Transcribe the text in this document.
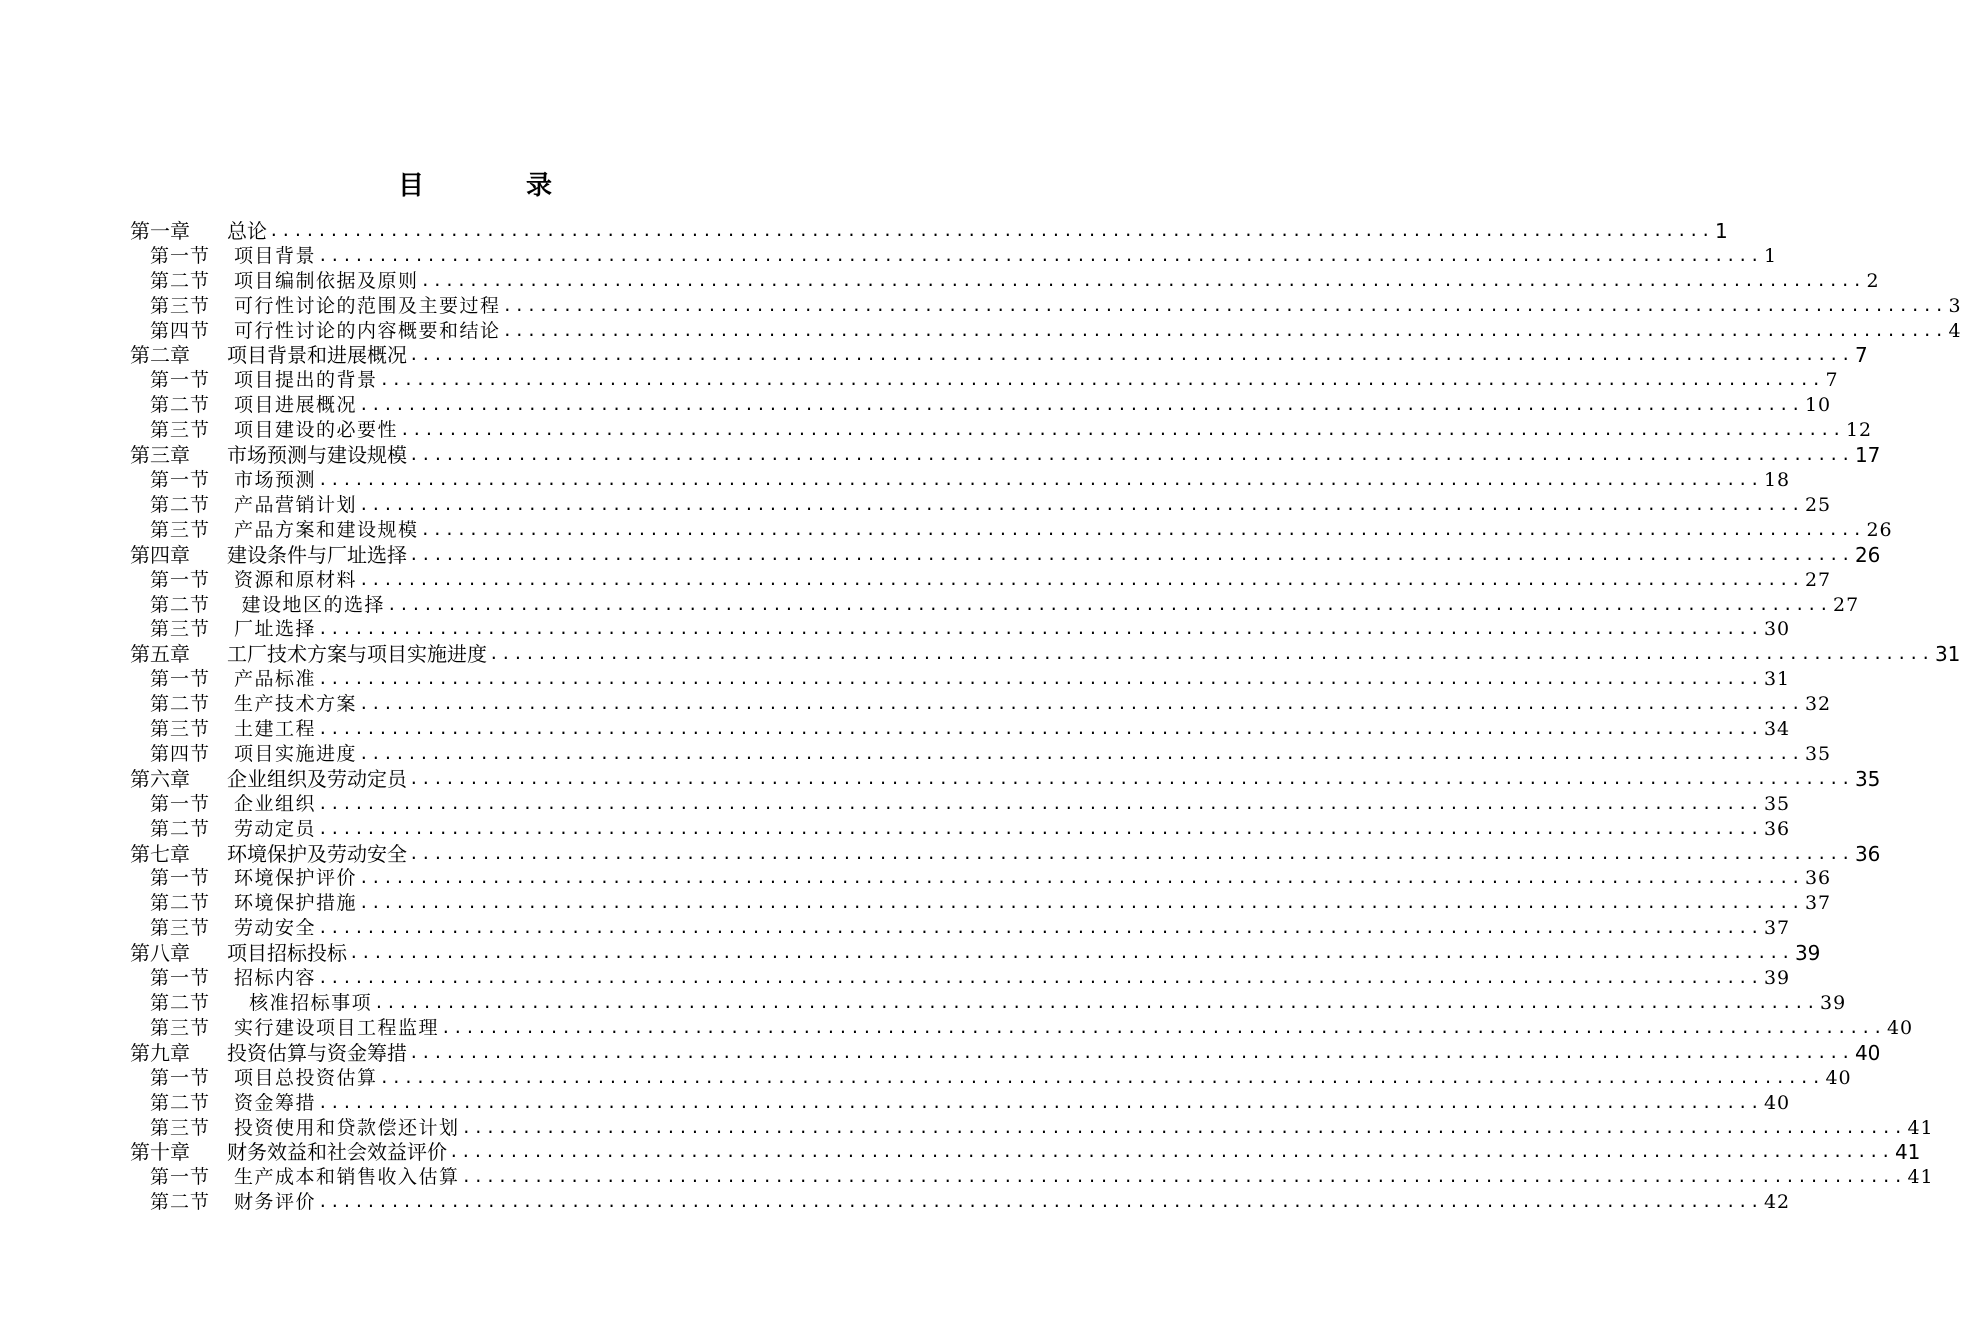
目　录
第一章 总论 ........................................................................................................................ 1
第一节 项目背景 ........................................................................................................................ 1
第二节 项目编制依据及原则 ........................................................................................................................ 2
第三节 可行性讨论的范围及主要过程 ........................................................................................................................ 3
第四节 可行性讨论的内容概要和结论 ........................................................................................................................ 4
第二章 项目背景和进展概况 ........................................................................................................................ 7
第一节 项目提出的背景 ........................................................................................................................ 7
第二节 项目进展概况 ........................................................................................................................ 10
第三节 项目建设的必要性 ........................................................................................................................ 12
第三章 市场预测与建设规模 ........................................................................................................................ 17
第一节 市场预测 ........................................................................................................................ 18
第二节 产品营销计划 ........................................................................................................................ 25
第三节 产品方案和建设规模 ........................................................................................................................ 26
第四章 建设条件与厂址选择 ........................................................................................................................ 26
第一节 资源和原材料 ........................................................................................................................ 27
第二节 建设地区的选择 ........................................................................................................................ 27
第三节 厂址选择 ........................................................................................................................ 30
第五章 工厂技术方案与项目实施进度 ........................................................................................................................ 31
第一节 产品标准 ........................................................................................................................ 31
第二节 生产技术方案 ........................................................................................................................ 32
第三节 土建工程 ........................................................................................................................ 34
第四节 项目实施进度 ........................................................................................................................ 35
第六章 企业组织及劳动定员 ........................................................................................................................ 35
第一节 企业组织 ........................................................................................................................ 35
第二节 劳动定员 ........................................................................................................................ 36
第七章 环境保护及劳动安全 ........................................................................................................................ 36
第一节 环境保护评价 ........................................................................................................................ 36
第二节 环境保护措施 ........................................................................................................................ 37
第三节 劳动安全 ........................................................................................................................ 37
第八章 项目招标投标 ........................................................................................................................ 39
第一节 招标内容 ........................................................................................................................ 39
第二节  核准招标事项 ........................................................................................................................ 39
第三节 实行建设项目工程监理 ........................................................................................................................ 40
第九章 投资估算与资金筹措 ........................................................................................................................ 40
第一节 项目总投资估算 ........................................................................................................................ 40
第二节 资金筹措 ........................................................................................................................ 40
第三节 投资使用和贷款偿还计划 ........................................................................................................................ 41
第十章 财务效益和社会效益评价 ........................................................................................................................ 41
第一节 生产成本和销售收入估算 ........................................................................................................................ 41
第二节 财务评价 ........................................................................................................................ 42
